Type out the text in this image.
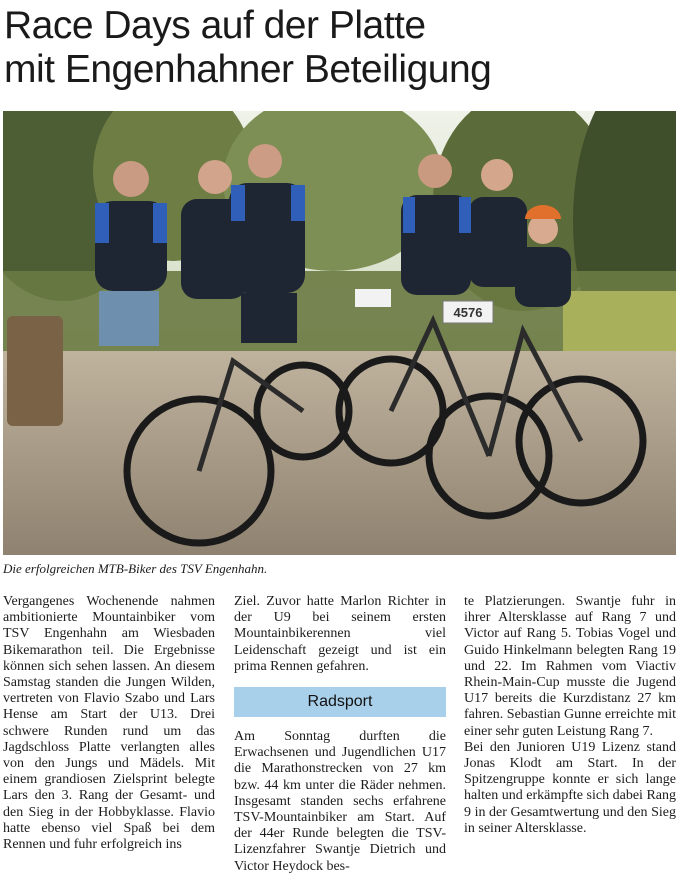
Race Days auf der Platte
mit Engenhahner Beteiligung
4576
Die erfolgreichen MTB-Biker des TSV Engenhahn.

Vergangenes Wochenende nahmen ambitionierte Mountainbiker vom TSV Engenhahn am Wiesbaden Bikemarathon teil. Die Ergebnisse können sich sehen lassen. An diesem Samstag standen die Jungen Wilden, vertreten von Flavio Szabo und Lars Hense am Start der U13. Drei schwere Runden rund um das Jagdschloss Platte verlangten alles von den Jungs und Mädels. Mit einem grandiosen Zielsprint belegte Lars den 3. Rang der Gesamt- und den Sieg in der Hobbyklasse. Flavio hatte ebenso viel Spaß bei dem Rennen und fuhr erfolgreich ins

Ziel. Zuvor hatte Marlon Richter in der U9 bei seinem ersten Mountainbikerennen viel Leidenschaft gezeigt und ist ein prima Rennen gefahren.

Radsport

Am Sonntag durften die Erwachsenen und Jugendlichen U17 die Marathonstrecken von 27 km bzw. 44 km unter die Räder nehmen. Insgesamt standen sechs erfahrene TSV-Mountainbiker am Start. Auf der 44er Runde belegten die TSV-Lizenzfahrer Swantje Dietrich und Victor Heydock bes-

te Platzierungen. Swantje fuhr in ihrer Altersklasse auf Rang 7 und Victor auf Rang 5. Tobias Vogel und Guido Hinkelmann belegten Rang 19 und 22. Im Rahmen vom Viactiv Rhein-Main-Cup musste die Jugend U17 bereits die Kurzdistanz 27 km fahren. Sebastian Gunne erreichte mit einer sehr guten Leistung Rang 7.

Bei den Junioren U19 Lizenz stand Jonas Klodt am Start. In der Spitzengruppe konnte er sich lange halten und erkämpfte sich dabei Rang 9 in der Gesamtwertung und den Sieg in seiner Altersklasse.
